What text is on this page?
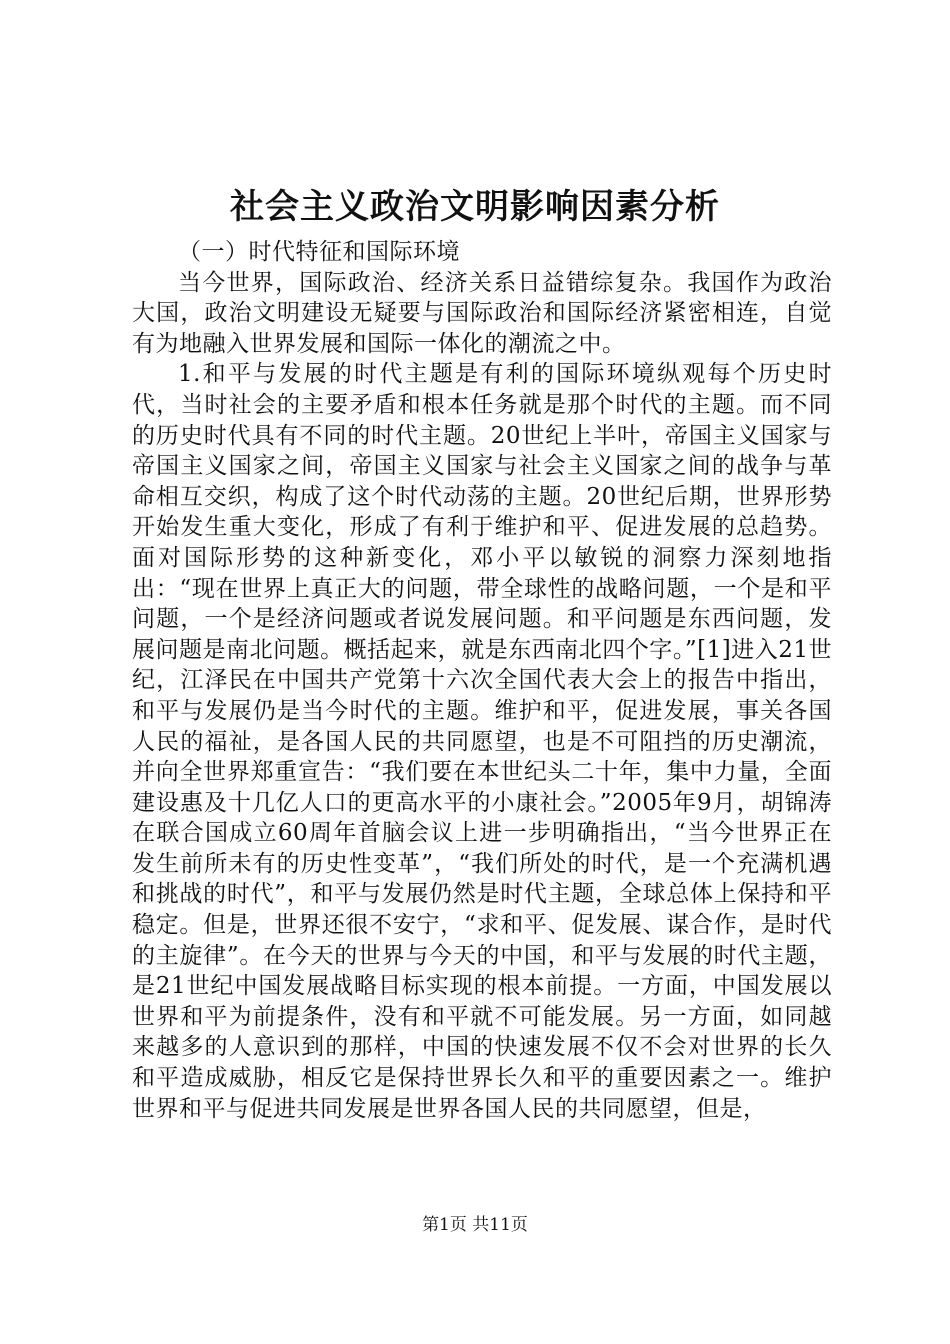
社会主义政治文明影响因素分析

（一）时代特征和国际环境

当今世界，国际政治、经济关系日益错综复杂。我国作为政治大国，政治文明建设无疑要与国际政治和国际经济紧密相连，自觉有为地融入世界发展和国际一体化的潮流之中。

1.和平与发展的时代主题是有利的国际环境纵观每个历史时代，当时社会的主要矛盾和根本任务就是那个时代的主题。而不同的历史时代具有不同的时代主题。20世纪上半叶，帝国主义国家与帝国主义国家之间，帝国主义国家与社会主义国家之间的战争与革命相互交织，构成了这个时代动荡的主题。20世纪后期，世界形势开始发生重大变化，形成了有利于维护和平、促进发展的总趋势。面对国际形势的这种新变化，邓小平以敏锐的洞察力深刻地指出：“现在世界上真正大的问题，带全球性的战略问题，一个是和平问题，一个是经济问题或者说发展问题。和平问题是东西问题，发展问题是南北问题。概括起来，就是东西南北四个字。”[1]进入21世纪，江泽民在中国共产党第十六次全国代表大会上的报告中指出，和平与发展仍是当今时代的主题。维护和平，促进发展，事关各国人民的福祉，是各国人民的共同愿望，也是不可阻挡的历史潮流，并向全世界郑重宣告：“我们要在本世纪头二十年，集中力量，全面建设惠及十几亿人口的更高水平的小康社会。”2005年9月，胡锦涛在联合国成立60周年首脑会议上进一步明确指出，“当今世界正在发生前所未有的历史性变革”，“我们所处的时代，是一个充满机遇和挑战的时代”，和平与发展仍然是时代主题，全球总体上保持和平稳定。但是，世界还很不安宁，“求和平、促发展、谋合作，是时代的主旋律”。在今天的世界与今天的中国，和平与发展的时代主题，是21世纪中国发展战略目标实现的根本前提。一方面，中国发展以世界和平为前提条件，没有和平就不可能发展。另一方面，如同越来越多的人意识到的那样，中国的快速发展不仅不会对世界的长久和平造成威胁，相反它是保持世界长久和平的重要因素之一。维护世界和平与促进共同发展是世界各国人民的共同愿望，但是，

第1页 共11页
